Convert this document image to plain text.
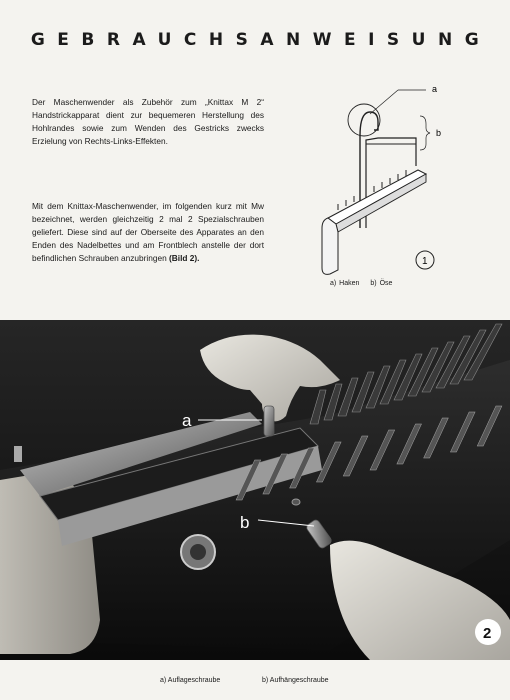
GEBRAUCHSANWEISUNG
Der Maschenwender als Zubehör zum „Knittax M 2“ Handstrickapparat dient zur bequemeren Herstellung des Hohlrandes sowie zum Wenden des Gestricks zwecks Erzielung von Rechts-Links-Effekten.
Mit dem Knittax-Maschenwender, im folgenden kurz mit Mw bezeichnet, werden gleichzeitig 2 mal 2 Spezialschrauben geliefert. Diese sind auf der Oberseite des Apparates an den Enden des Nadelbettes und am Frontblech anstelle der dort befindlichen Schrauben anzubringen (Bild 2).
a
b
1
a) Haken b) Öse
a
b
2
a) Auflageschraube	b) Aufhängeschraube
